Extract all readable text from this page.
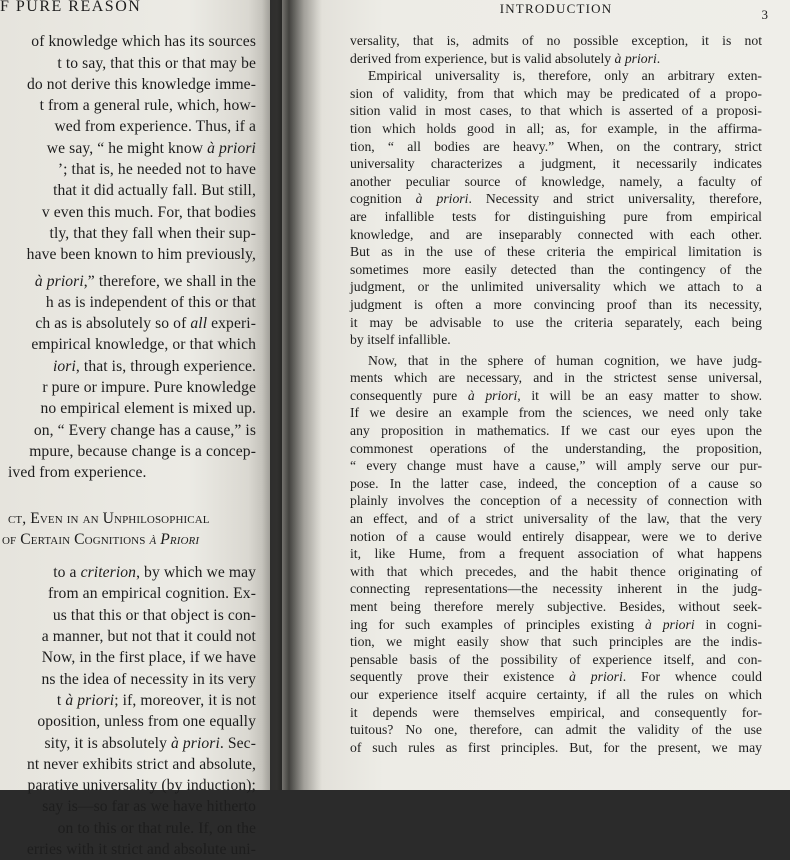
F PURE REASON
of knowledge which has its sources
t to say, that this or that may be
do not derive this knowledge imme-
t from a general rule, which, how-
wed from experience. Thus, if a
we say, “ he might know à priori
’; that is, he needed not to have
that it did actually fall. But still,
v even this much. For, that bodies
tly, that they fall when their sup-
have been known to him previously,
à priori,” therefore, we shall in the
h as is independent of this or that
ch as is absolutely so of all experi-
empirical knowledge, or that which
iori, that is, through experience.
r pure or impure. Pure knowledge
no empirical element is mixed up.
on, “ Every change has a cause,” is
mpure, because change is a concep-
ived from experience.
ct, Even in an Unphilosophical
of Certain Cognitions à Priori
to a criterion, by which we may
from an empirical cognition. Ex-
us that this or that object is con-
a manner, but not that it could not
Now, in the first place, if we have
ns the idea of necessity in its very
t à priori; if, moreover, it is not
oposition, unless from one equally
sity, it is absolutely à priori. Sec-
nt never exhibits strict and absolute,
parative universality (by induction);
say is—so far as we have hitherto
on to this or that rule. If, on the
erries with it strict and absolute uni-
INTRODUCTION	3
versality, that is, admits of no possible exception, it is not
derived from experience, but is valid absolutely à priori.
Empirical universality is, therefore, only an arbitrary exten-
sion of validity, from that which may be predicated of a propo-
sition valid in most cases, to that which is asserted of a proposi-
tion which holds good in all; as, for example, in the affirma-
tion, “ all bodies are heavy.” When, on the contrary, strict
universality characterizes a judgment, it necessarily indicates
another peculiar source of knowledge, namely, a faculty of
cognition à priori. Necessity and strict universality, therefore,
are infallible tests for distinguishing pure from empirical
knowledge, and are inseparably connected with each other.
But as in the use of these criteria the empirical limitation is
sometimes more easily detected than the contingency of the
judgment, or the unlimited universality which we attach to a
judgment is often a more convincing proof than its necessity,
it may be advisable to use the criteria separately, each being
by itself infallible.
Now, that in the sphere of human cognition, we have judg-
ments which are necessary, and in the strictest sense universal,
consequently pure à priori, it will be an easy matter to show.
If we desire an example from the sciences, we need only take
any proposition in mathematics. If we cast our eyes upon the
commonest operations of the understanding, the proposition,
“ every change must have a cause,” will amply serve our pur-
pose. In the latter case, indeed, the conception of a cause so
plainly involves the conception of a necessity of connection with
an effect, and of a strict universality of the law, that the very
notion of a cause would entirely disappear, were we to derive
it, like Hume, from a frequent association of what happens
with that which precedes, and the habit thence originating of
connecting representations—the necessity inherent in the judg-
ment being therefore merely subjective. Besides, without seek-
ing for such examples of principles existing à priori in cogni-
tion, we might easily show that such principles are the indis-
pensable basis of the possibility of experience itself, and con-
sequently prove their existence à priori. For whence could
our experience itself acquire certainty, if all the rules on which
it depends were themselves empirical, and consequently for-
tuitous? No one, therefore, can admit the validity of the use
of such rules as first principles. But, for the present, we may
